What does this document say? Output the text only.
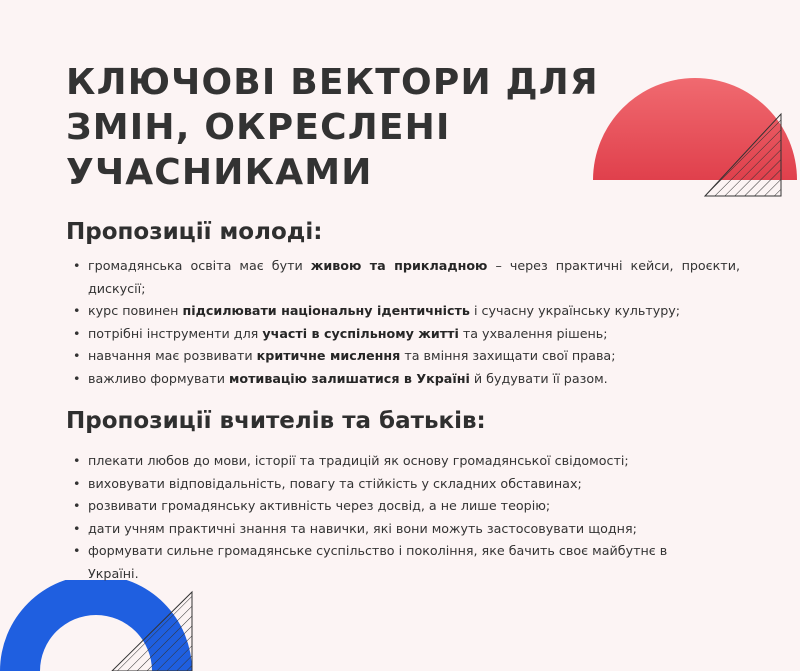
КЛЮЧОВІ ВЕКТОРИ ДЛЯ ЗМІН, ОКРЕСЛЕНІ УЧАСНИКАМИ
Пропозиції молоді:
• громадянська освіта має бути живою та прикладною – через практичні кейси, проєкти, дискусії;
• курс повинен підсилювати національну ідентичність і сучасну українську культуру;
• потрібні інструменти для участі в суспільному житті та ухвалення рішень;
• навчання має розвивати критичне мислення та вміння захищати свої права;
• важливо формувати мотивацію залишатися в Україні й будувати її разом.
Пропозиції вчителів та батьків:
• плекати любов до мови, історії та традицій як основу громадянської свідомості;
• виховувати відповідальність, повагу та стійкість у складних обставинах;
• розвивати громадянську активність через досвід, а не лише теорію;
• дати учням практичні знання та навички, які вони можуть застосовувати щодня;
• формувати сильне громадянське суспільство і покоління, яке бачить своє майбутнє в Україні.
